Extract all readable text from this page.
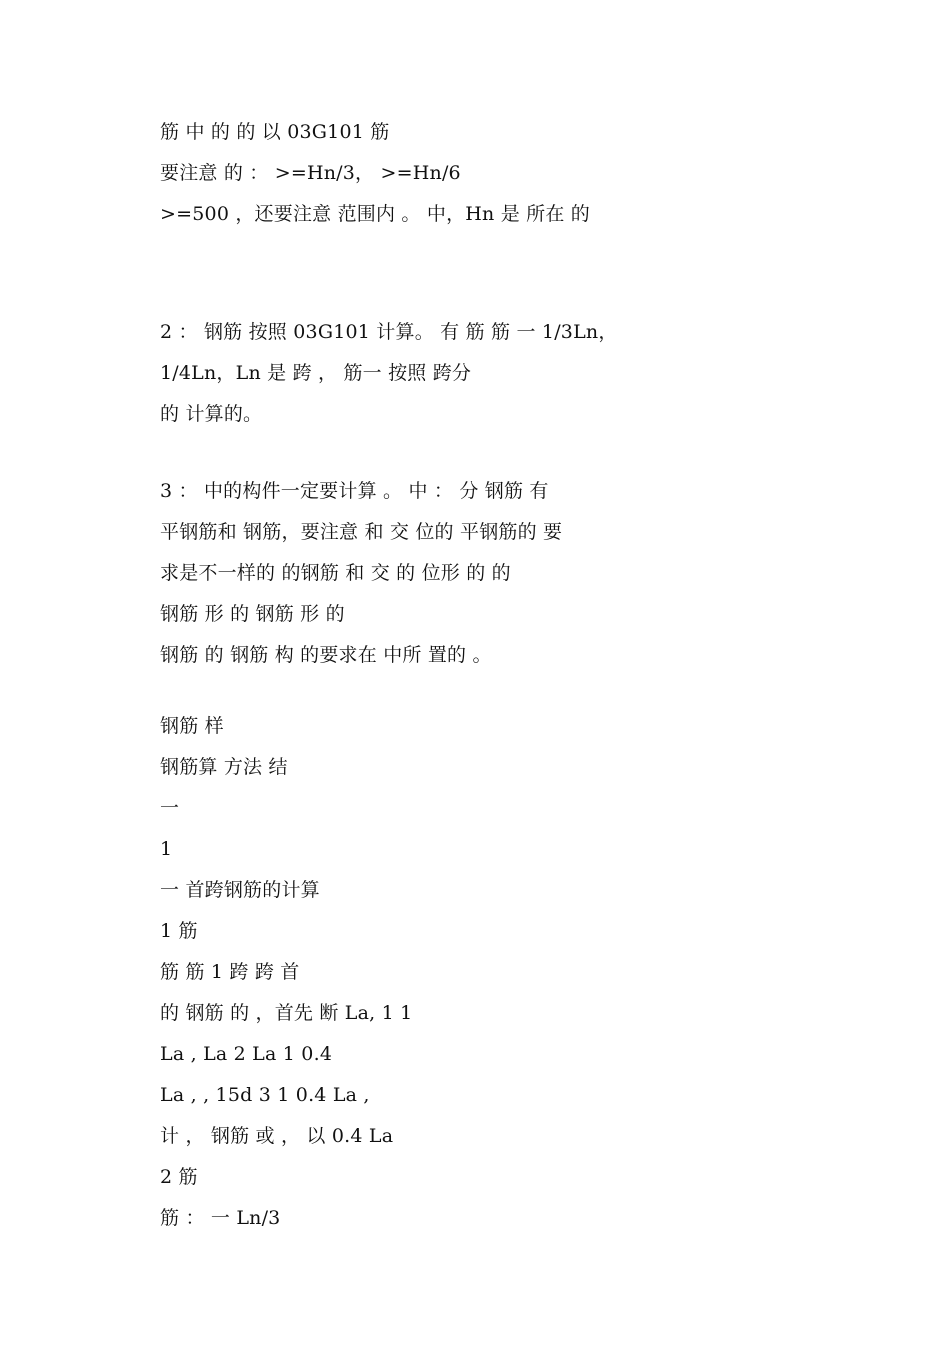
筋 中 的 的 以 03G101 筋
要注意 的 ： >=Hn/3， >=Hn/6
>=500 ，还要注意 范围内 。 中，Hn 是 所在 的
2 ： 钢筋 按照 03G101 计算。 有 筋 筋 一 1/3Ln，
1/4Ln，Ln 是 跨 ， 筋一 按照 跨分
的 计算的。
3 ： 中的构件一定要计算 。 中 ： 分 钢筋 有
平钢筋和 钢筋，要注意 和 交 位的 平钢筋的 要
求是不一样的 的钢筋 和 交 的 位形 的 的
钢筋 形 的 钢筋 形 的
钢筋 的 钢筋 构 的要求在 中所 置的 。
钢筋 样
钢筋算 方法 结
一
1
一 首跨钢筋的计算
1 筋
筋 筋 1 跨 跨 首
的 钢筋 的 ，首先 断 La, 1 1
La , La 2 La 1 0.4
La , , 15d 3 1 0.4 La ,
计 ， 钢筋 或 ， 以 0.4 La
2 筋
筋 ： 一 Ln/3
